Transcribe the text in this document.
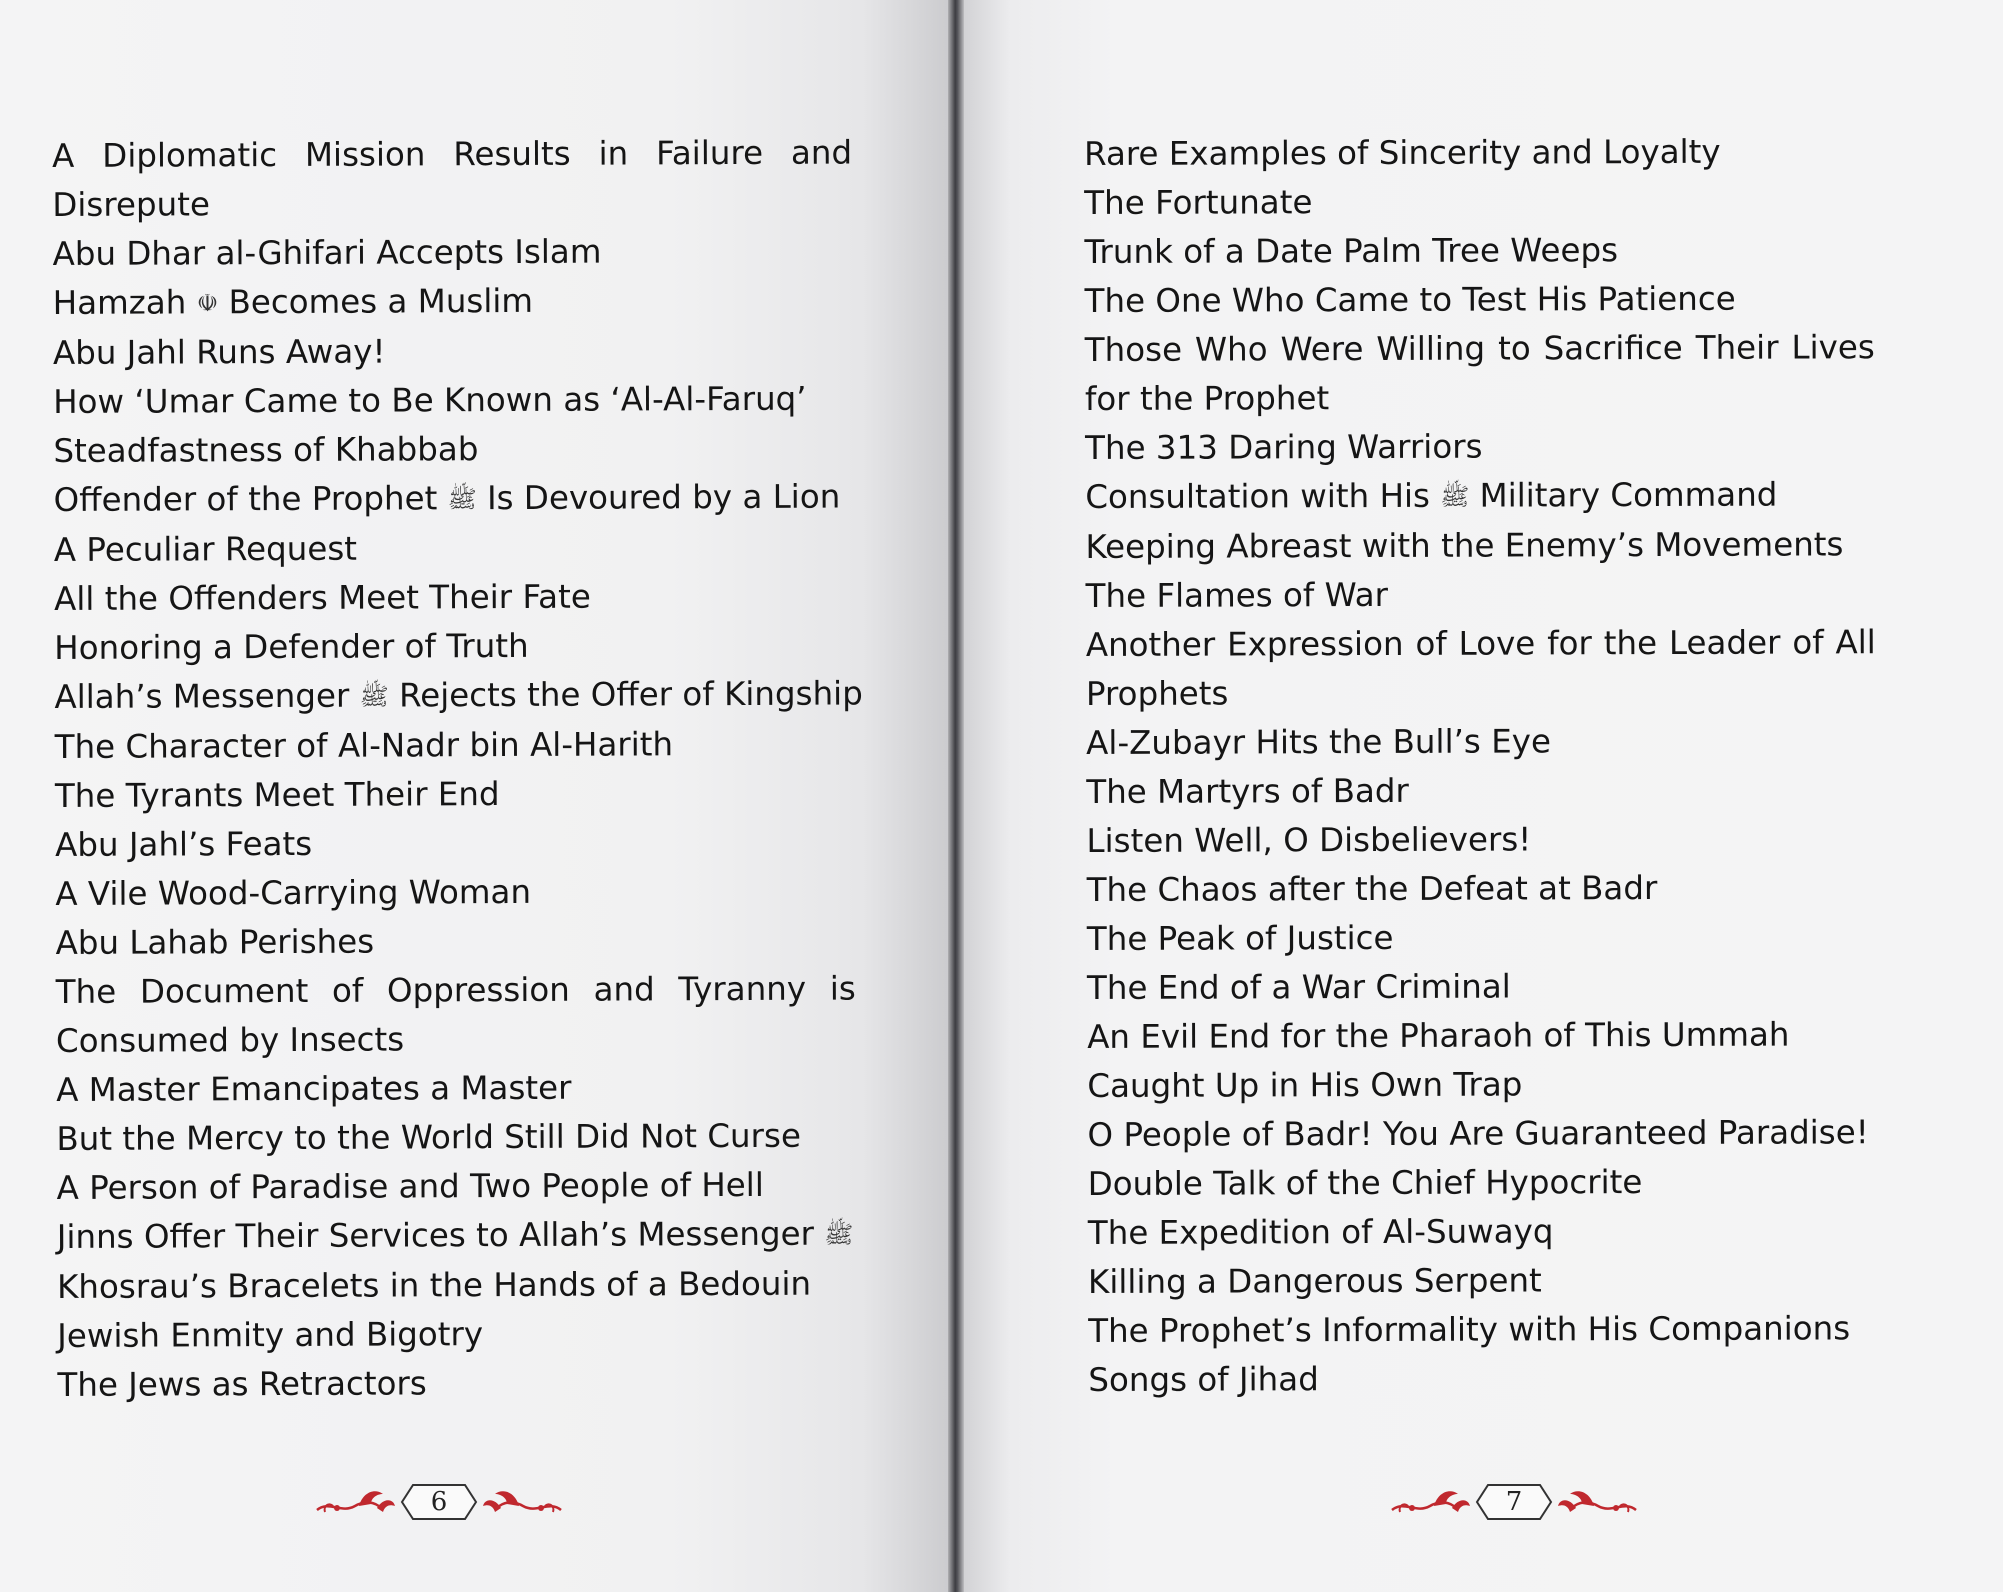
A Diplomatic Mission Results in Failure and Disrepute
Abu Dhar al-Ghifari Accepts Islam
Hamzah ☫ Becomes a Muslim
Abu Jahl Runs Away!
How ‘Umar Came to Be Known as ‘Al-Al-Faruq’
Steadfastness of Khabbab
Offender of the Prophet ﷺ Is Devoured by a Lion
A Peculiar Request
All the Offenders Meet Their Fate
Honoring a Defender of Truth
Allah’s Messenger ﷺ Rejects the Offer of Kingship
The Character of Al-Nadr bin Al-Harith
The Tyrants Meet Their End
Abu Jahl’s Feats
A Vile Wood-Carrying Woman
Abu Lahab Perishes
The Document of Oppression and Tyranny is Consumed by Insects
A Master Emancipates a Master
But the Mercy to the World Still Did Not Curse
A Person of Paradise and Two People of Hell
Jinns Offer Their Services to Allah’s Messenger ﷺ
Khosrau’s Bracelets in the Hands of a Bedouin
Jewish Enmity and Bigotry
The Jews as Retractors
6
Rare Examples of Sincerity and Loyalty
The Fortunate
Trunk of a Date Palm Tree Weeps
The One Who Came to Test His Patience
Those Who Were Willing to Sacrifice Their Lives for the Prophet
The 313 Daring Warriors
Consultation with His ﷺ Military Command
Keeping Abreast with the Enemy’s Movements
The Flames of War
Another Expression of Love for the Leader of All Prophets
Al-Zubayr Hits the Bull’s Eye
The Martyrs of Badr
Listen Well, O Disbelievers!
The Chaos after the Defeat at Badr
The Peak of Justice
The End of a War Criminal
An Evil End for the Pharaoh of This Ummah
Caught Up in His Own Trap
O People of Badr! You Are Guaranteed Paradise!
Double Talk of the Chief Hypocrite
The Expedition of Al-Suwayq
Killing a Dangerous Serpent
The Prophet’s Informality with His Companions
Songs of Jihad
7
